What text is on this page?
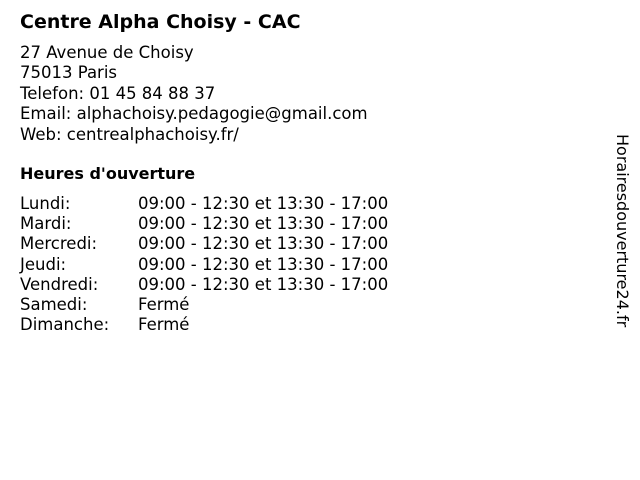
Centre Alpha Choisy - CAC
27 Avenue de Choisy
75013 Paris
Telefon: 01 45 84 88 37
Email: alphachoisy.pedagogie@gmail.com
Web: centrealphachoisy.fr/
Heures d'ouverture
Lundi:	09:00 - 12:30 et 13:30 - 17:00
Mardi:	09:00 - 12:30 et 13:30 - 17:00
Mercredi: 09:00 - 12:30 et 13:30 - 17:00
Jeudi:	09:00 - 12:30 et 13:30 - 17:00
Vendredi: 09:00 - 12:30 et 13:30 - 17:00
Samedi:	Fermé
Dimanche: Fermé	Horairesdouverture24.fr
